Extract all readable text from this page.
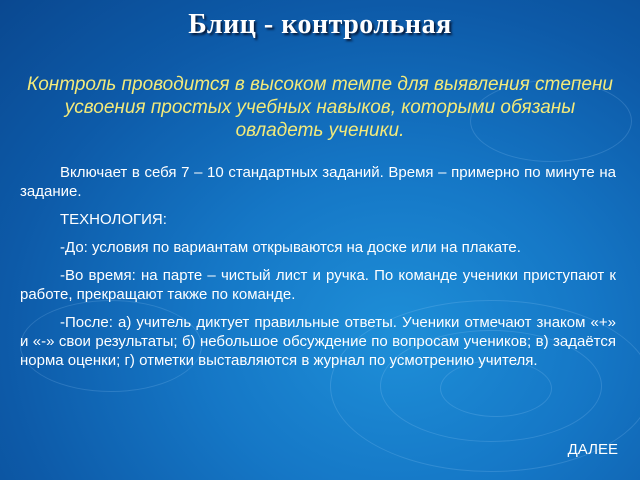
Блиц - контрольная
Контроль проводится в высоком темпе для выявления степени усвоения простых учебных навыков, которыми обязаны овладеть ученики.

Включает в себя 7 – 10 стандартных заданий. Время – примерно по минуте на задание.

ТЕХНОЛОГИЯ:

-До: условия по вариантам открываются на доске или на плакате.

-Во время: на парте – чистый лист и ручка. По команде ученики приступают к работе, прекращают также по команде.

-После: а) учитель диктует правильные ответы. Ученики отмечают знаком «+» и «-» свои результаты; б) небольшое обсуждение по вопросам учеников; в) задаётся норма оценки; г) отметки выставляются в журнал по усмотрению учителя.

ДАЛЕЕ
